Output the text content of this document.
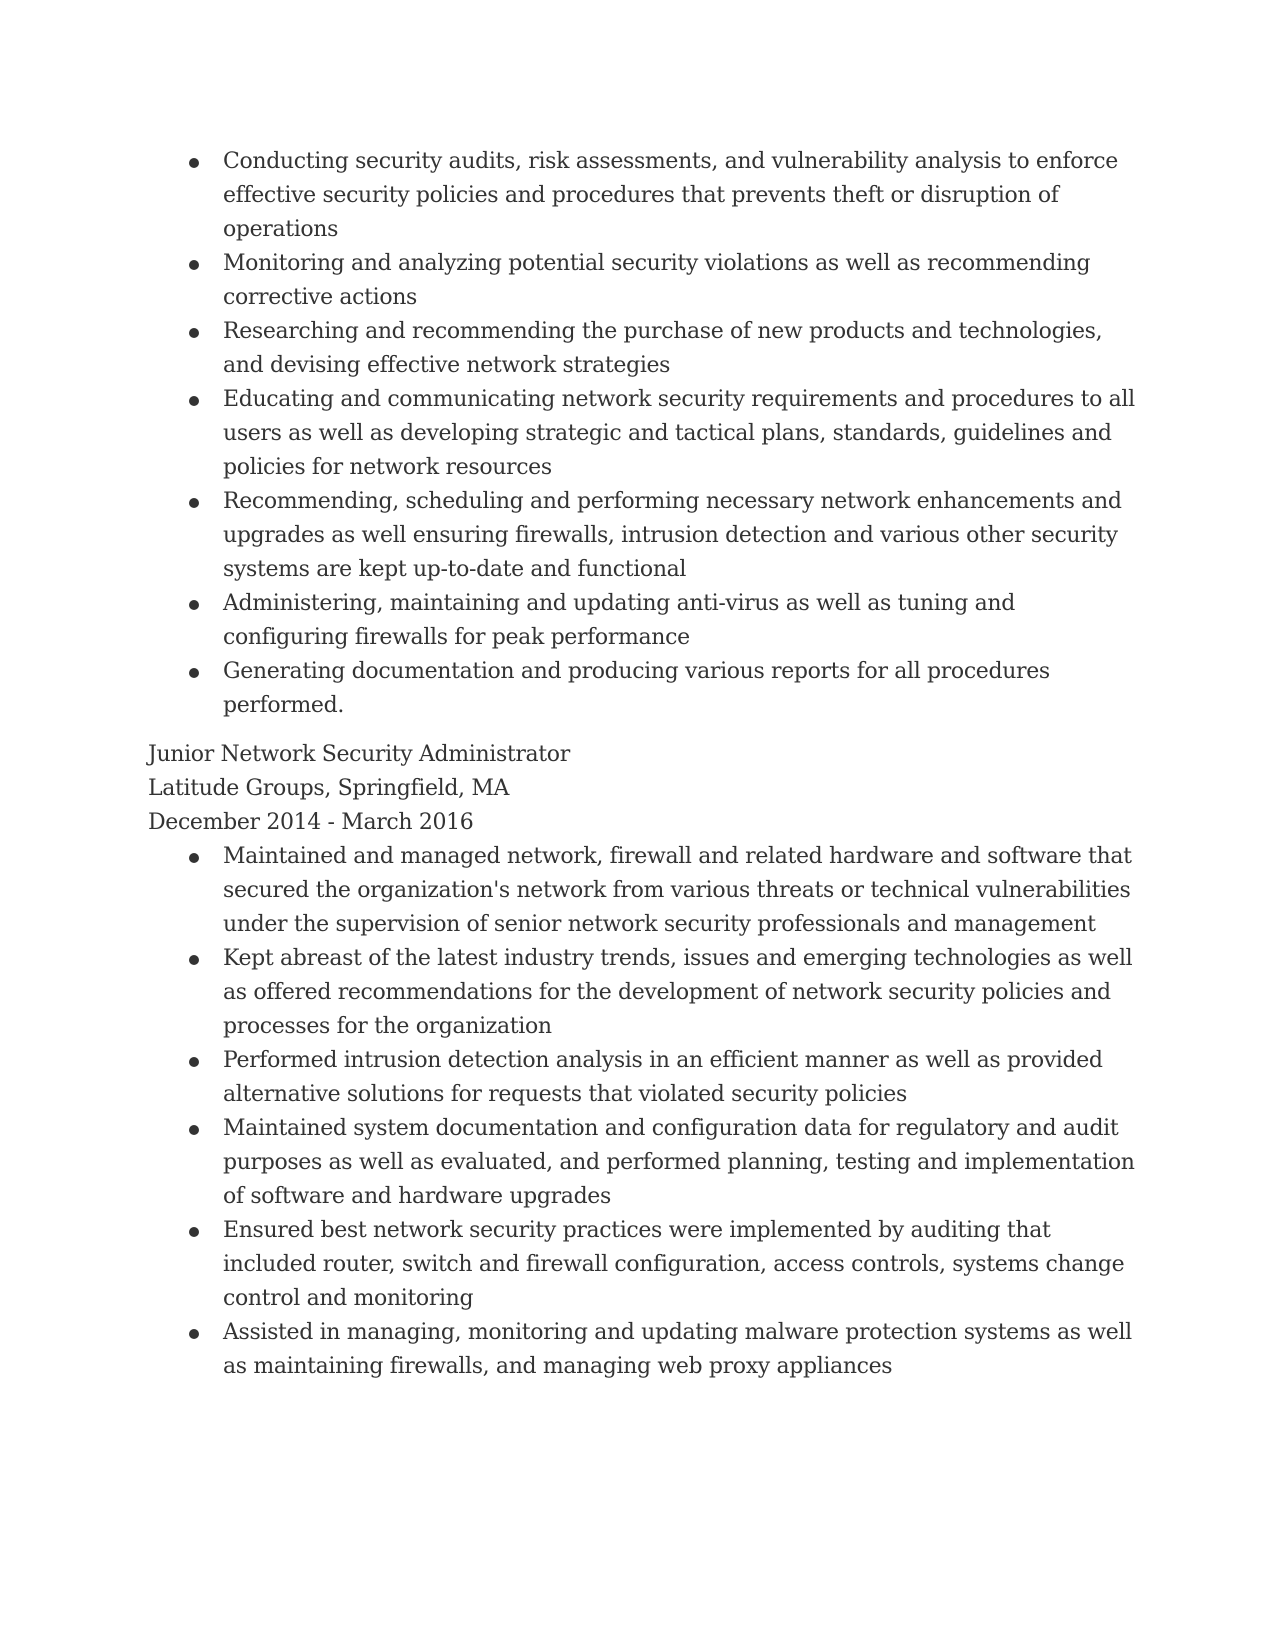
Conducting security audits, risk assessments, and vulnerability analysis to enforce effective security policies and procedures that prevents theft or disruption of operations
Monitoring and analyzing potential security violations as well as recommending corrective actions
Researching and recommending the purchase of new products and technologies, and devising effective network strategies
Educating and communicating network security requirements and procedures to all users as well as developing strategic and tactical plans, standards, guidelines and policies for network resources
Recommending, scheduling and performing necessary network enhancements and upgrades as well ensuring firewalls, intrusion detection and various other security systems are kept up-to-date and functional
Administering, maintaining and updating anti-virus as well as tuning and configuring firewalls for peak performance
Generating documentation and producing various reports for all procedures performed.
Junior Network Security Administrator
Latitude Groups, Springfield, MA
December 2014 - March 2016
Maintained and managed network, firewall and related hardware and software that secured the organization's network from various threats or technical vulnerabilities under the supervision of senior network security professionals and management
Kept abreast of the latest industry trends, issues and emerging technologies as well as offered recommendations for the development of network security policies and processes for the organization
Performed intrusion detection analysis in an efficient manner as well as provided alternative solutions for requests that violated security policies
Maintained system documentation and configuration data for regulatory and audit purposes as well as evaluated, and performed planning, testing and implementation of software and hardware upgrades
Ensured best network security practices were implemented by auditing that included router, switch and firewall configuration, access controls, systems change control and monitoring
Assisted in managing, monitoring and updating malware protection systems as well as maintaining firewalls, and managing web proxy appliances
